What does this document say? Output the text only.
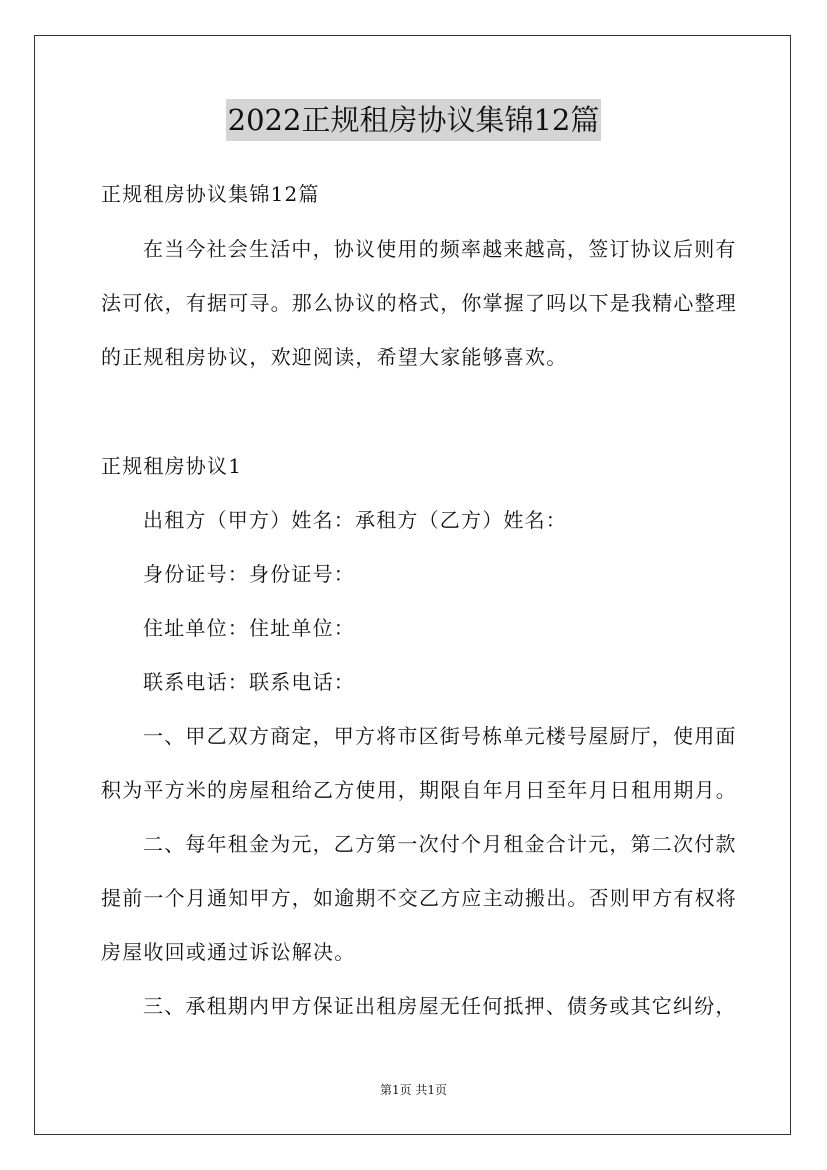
2022正规租房协议集锦12篇
正规租房协议集锦12篇
在当今社会生活中，协议使用的频率越来越高，签订协议后则有
法可依，有据可寻。那么协议的格式，你掌握了吗以下是我精心整理
的正规租房协议，欢迎阅读，希望大家能够喜欢。
正规租房协议1
出租方（甲方）姓名：承租方（乙方）姓名：
身份证号：身份证号：
住址单位：住址单位：
联系电话：联系电话：
一、甲乙双方商定，甲方将市区街号栋单元楼号屋厨厅，使用面
积为平方米的房屋租给乙方使用，期限自年月日至年月日租用期月。
二、每年租金为元，乙方第一次付个月租金合计元，第二次付款
提前一个月通知甲方，如逾期不交乙方应主动搬出。否则甲方有权将
房屋收回或通过诉讼解决。
三、承租期内甲方保证出租房屋无任何抵押、债务或其它纠纷，
第1页 共1页
